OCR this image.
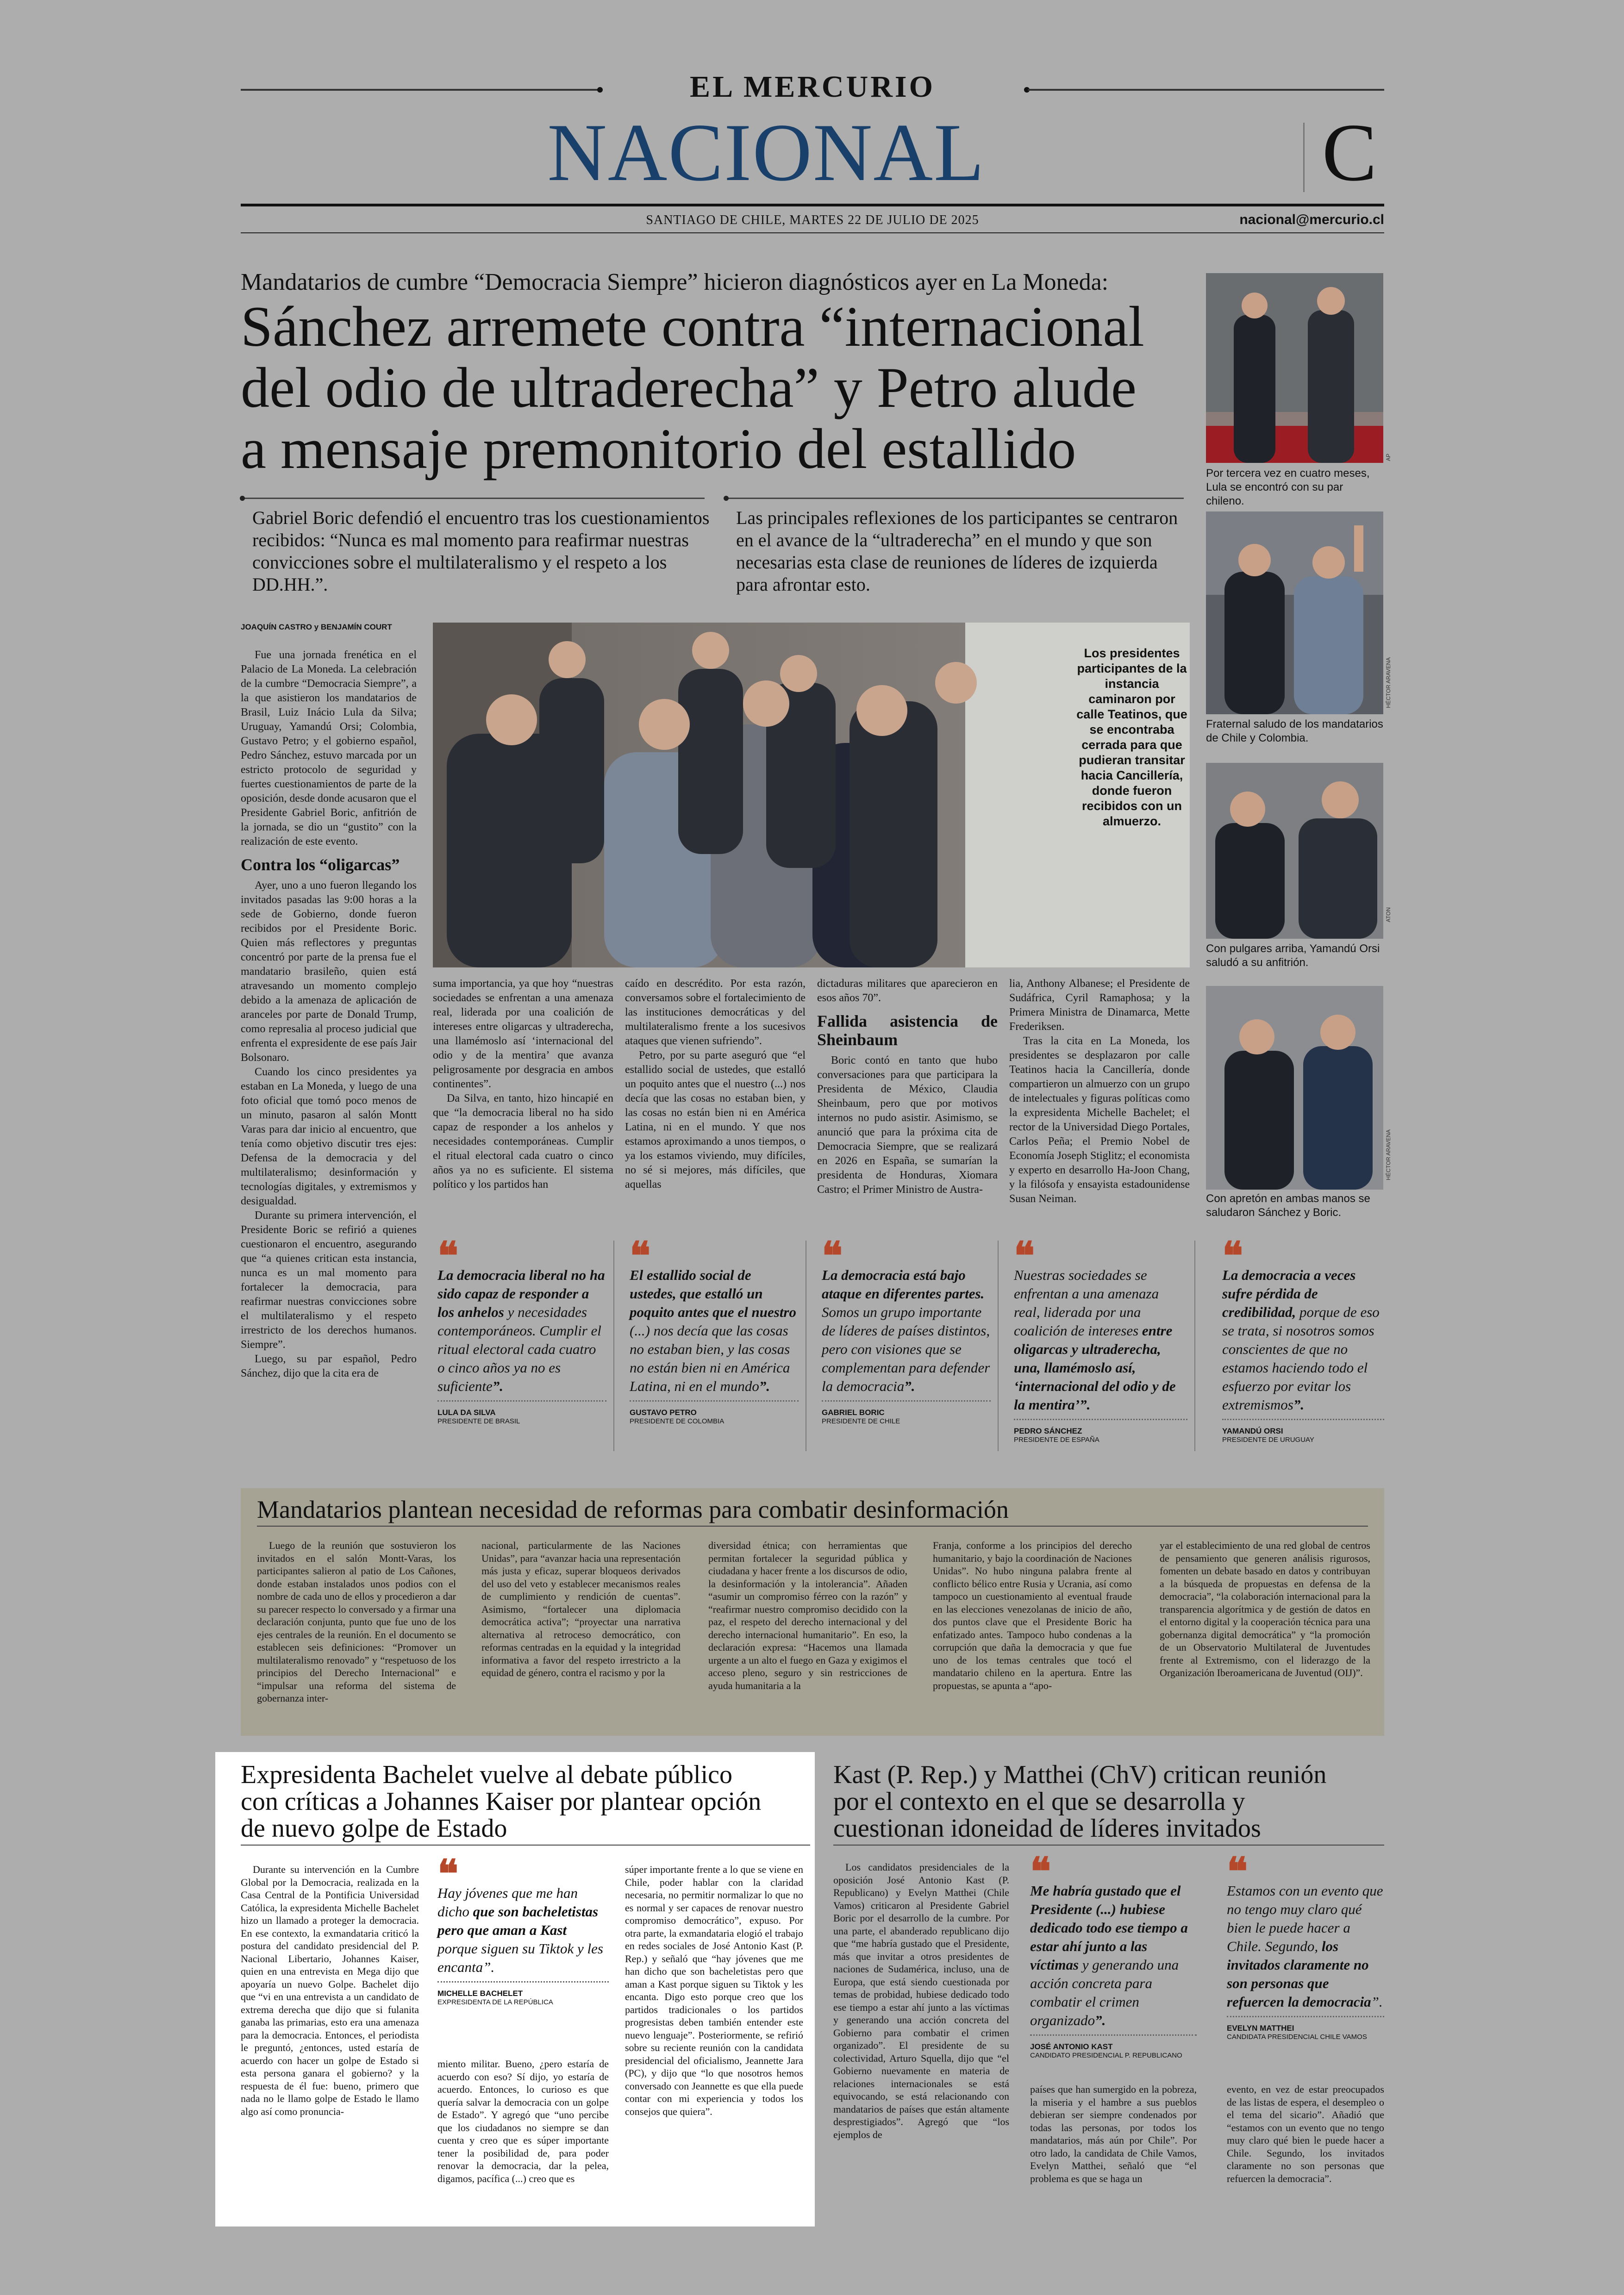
EL MERCURIO
NACIONAL	C
SANTIAGO DE CHILE, MARTES 22 DE JULIO DE 2025	nacional@mercurio.cl
Mandatarios de cumbre “Democracia Siempre” hicieron diagnósticos ayer en La Moneda:
Sánchez arremete contra “internacional
del odio de ultraderecha” y Petro alude
a mensaje premonitorio del estallido
Gabriel Boric defendió el encuentro tras los cuestionamientos recibidos: “Nunca es mal momento para reafirmar nuestras convicciones sobre el multilateralismo y el respeto a los DD.HH.”.
Las principales reflexiones de los participantes se centraron en el avance de la “ultraderecha” en el mundo y que son necesarias esta clase de reuniones de líderes de izquierda para afrontar esto.
JOAQUÍN CASTRO y BENJAMÍN COURT

Fue una jornada frenética en el Palacio de La Moneda. La celebración de la cumbre “Democracia Siempre”, a la que asistieron los mandatarios de Brasil, Luiz Inácio Lula da Silva; Uruguay, Yamandú Orsi; Colombia, Gustavo Petro; y el gobierno español, Pedro Sánchez, estuvo marcada por un estricto protocolo de seguridad y fuertes cuestionamientos de parte de la oposición, desde donde acusaron que el Presidente Gabriel Boric, anfitrión de la jornada, se dio un “gustito” con la realización de este evento.

Contra los “oligarcas”

Ayer, uno a uno fueron llegando los invitados pasadas las 9:00 horas a la sede de Gobierno, donde fueron recibidos por el Presidente Boric. Quien más reflectores y preguntas concentró por parte de la prensa fue el mandatario brasileño, quien está atravesando un momento complejo debido a la amenaza de aplicación de aranceles por parte de Donald Trump, como represalia al proceso judicial que enfrenta el expresidente de ese país Jair Bolsonaro.

Cuando los cinco presidentes ya estaban en La Moneda, y luego de una foto oficial que tomó poco menos de un minuto, pasaron al salón Montt Varas para dar inicio al encuentro, que tenía como objetivo discutir tres ejes: Defensa de la democracia y del multilateralismo; desinformación y tecnologías digitales, y extremismos y desigualdad.

Durante su primera intervención, el Presidente Boric se refirió a quienes cuestionaron el encuentro, asegurando que “a quienes critican esta instancia, nunca es un mal momento para fortalecer la democracia, para reafirmar nuestras convicciones sobre el multilateralismo y el respeto irrestricto de los derechos humanos. Siempre”.

Luego, su par español, Pedro Sánchez, dijo que la cita era de

Los presidentes participantes de la instancia caminaron por calle Teatinos, que se encontraba cerrada para que pudieran transitar hacia Cancillería, donde fueron recibidos con un almuerzo.

suma importancia, ya que hoy “nuestras sociedades se enfrentan a una amenaza real, liderada por una coalición de intereses entre oligarcas y ultraderecha, una llamémoslo así ‘internacional del odio y de la mentira’ que avanza peligrosamente por desgracia en ambos continentes”.

Da Silva, en tanto, hizo hincapié en que “la democracia liberal no ha sido capaz de responder a los anhelos y necesidades contemporáneas. Cumplir el ritual electoral cada cuatro o cinco años ya no es suficiente. El sistema político y los partidos han

caído en descrédito. Por esta razón, conversamos sobre el fortalecimiento de las instituciones democráticas y del multilateralismo frente a los sucesivos ataques que vienen sufriendo”.

Petro, por su parte aseguró que “el estallido social de ustedes, que estalló un poquito antes que el nuestro (...) nos decía que las cosas no estaban bien, y las cosas no están bien ni en América Latina, ni en el mundo. Y que nos estamos aproximando a unos tiempos, o ya los estamos viviendo, muy difíciles, no sé si mejores, más difíciles, que aquellas

dictaduras militares que aparecieron en esos años 70”.

Fallida asistencia de Sheinbaum

Boric contó en tanto que hubo conversaciones para que participara la Presidenta de México, Claudia Sheinbaum, pero que por motivos internos no pudo asistir. Asimismo, se anunció que para la próxima cita de Democracia Siempre, que se realizará en 2026 en España, se sumarían la presidenta de Honduras, Xiomara Castro; el Primer Ministro de Austra-

lia, Anthony Albanese; el Presidente de Sudáfrica, Cyril Ramaphosa; y la Primera Ministra de Dinamarca, Mette Frederiksen.

Tras la cita en La Moneda, los presidentes se desplazaron por calle Teatinos hacia la Cancillería, donde compartieron un almuerzo con un grupo de intelectuales y figuras políticas como la expresidenta Michelle Bachelet; el rector de la Universidad Diego Portales, Carlos Peña; el Premio Nobel de Economía Joseph Stiglitz; el economista y experto en desarrollo Ha-Joon Chang, y la filósofa y ensayista estadounidense Susan Neiman.

AP
Por tercera vez en cuatro meses, Lula se encontró con su par chileno.
HÉCTOR ARAVENA
Fraternal saludo de los mandatarios de Chile y Colombia.
ATON
Con pulgares arriba, Yamandú Orsi saludó a su anfitrión.
HÉCTOR ARAVENA
Con apretón en ambas manos se saludaron Sánchez y Boric.
❝
La democracia liberal no ha sido capaz de responder a los anhelos y necesidades contemporáneos. Cumplir el ritual electoral cada cuatro o cinco años ya no es suficiente”.
LULA DA SILVA
PRESIDENTE DE BRASIL
❝
El estallido social de ustedes, que estalló un poquito antes que el nuestro (...) nos decía que las cosas no estaban bien, y las cosas no están bien ni en América Latina, ni en el mundo”.
GUSTAVO PETRO
PRESIDENTE DE COLOMBIA
❝
La democracia está bajo ataque en diferentes partes. Somos un grupo importante de líderes de países distintos, pero con visiones que se complementan para defender la democracia”.
GABRIEL BORIC
PRESIDENTE DE CHILE
❝
Nuestras sociedades se enfrentan a una amenaza real, liderada por una coalición de intereses entre oligarcas y ultraderecha, una, llamémoslo así, ‘internacional del odio y de la mentira’”.
PEDRO SÁNCHEZ
PRESIDENTE DE ESPAÑA
❝
La democracia a veces sufre pérdida de credibilidad, porque de eso se trata, si nosotros somos conscientes de que no estamos haciendo todo el esfuerzo por evitar los extremismos”.
YAMANDÚ ORSI
PRESIDENTE DE URUGUAY
Mandatarios plantean necesidad de reformas para combatir desinformación

Luego de la reunión que sostuvieron los invitados en el salón Montt-Varas, los participantes salieron al patio de Los Cañones, donde estaban instalados unos podios con el nombre de cada uno de ellos y procedieron a dar su parecer respecto lo conversado y a firmar una declaración conjunta, punto que fue uno de los ejes centrales de la reunión. En el documento se establecen seis definiciones: “Promover un multilateralismo renovado” y “respetuoso de los principios del Derecho Internacional” e “impulsar una reforma del sistema de gobernanza inter-

nacional, particularmente de las Naciones Unidas”, para “avanzar hacia una representación más justa y eficaz, superar bloqueos derivados del uso del veto y establecer mecanismos reales de cumplimiento y rendición de cuentas”. Asimismo, “fortalecer una diplomacia democrática activa”; “proyectar una narrativa alternativa al retroceso democrático, con reformas centradas en la equidad y la integridad informativa a favor del respeto irrestricto a la equidad de género, contra el racismo y por la

diversidad étnica; con herramientas que permitan fortalecer la seguridad pública y ciudadana y hacer frente a los discursos de odio, la desinformación y la intolerancia”. Añaden “asumir un compromiso férreo con la razón” y “reafirmar nuestro compromiso decidido con la paz, el respeto del derecho internacional y del derecho internacional humanitario”. En eso, la declaración expresa: “Hacemos una llamada urgente a un alto el fuego en Gaza y exigimos el acceso pleno, seguro y sin restricciones de ayuda humanitaria a la

Franja, conforme a los principios del derecho humanitario, y bajo la coordinación de Naciones Unidas”. No hubo ninguna palabra frente al conflicto bélico entre Rusia y Ucrania, así como tampoco un cuestionamiento al eventual fraude en las elecciones venezolanas de inicio de año, dos puntos clave que el Presidente Boric ha enfatizado antes. Tampoco hubo condenas a la corrupción que daña la democracia y que fue uno de los temas centrales que tocó el mandatario chileno en la apertura. Entre las propuestas, se apunta a “apo-

yar el establecimiento de una red global de centros de pensamiento que generen análisis rigurosos, fomenten un debate basado en datos y contribuyan a la búsqueda de propuestas en defensa de la democracia”, “la colaboración internacional para la transparencia algorítmica y de gestión de datos en el entorno digital y la cooperación técnica para una gobernanza digital democrática” y “la promoción de un Observatorio Multilateral de Juventudes frente al Extremismo, con el liderazgo de la Organización Iberoamericana de Juventud (OIJ)”.

Expresidenta Bachelet vuelve al debate público
con críticas a Johannes Kaiser por plantear opción
de nuevo golpe de Estado

Durante su intervención en la Cumbre Global por la Democracia, realizada en la Casa Central de la Pontificia Universidad Católica, la expresidenta Michelle Bachelet hizo un llamado a proteger la democracia. En ese contexto, la exmandataria criticó la postura del candidato presidencial del P. Nacional Libertario, Johannes Kaiser, quien en una entrevista en Mega dijo que apoyaría un nuevo Golpe. Bachelet dijo que “vi en una entrevista a un candidato de extrema derecha que dijo que si fulanita ganaba las primarias, esto era una amenaza para la democracia. Entonces, el periodista le preguntó, ¿entonces, usted estaría de acuerdo con hacer un golpe de Estado si esta persona ganara el gobierno? y la respuesta de él fue: bueno, primero que nada no le llamo golpe de Estado le llamo algo así como pronuncia-

❝
Hay jóvenes que me han dicho que son bacheletistas pero que aman a Kast porque siguen su Tiktok y les encanta”.
MICHELLE BACHELET
EXPRESIDENTA DE LA REPÚBLICA

miento militar. Bueno, ¿pero estaría de acuerdo con eso? Sí dijo, yo estaría de acuerdo. Entonces, lo curioso es que quería salvar la democracia con un golpe de Estado”. Y agregó que “uno percibe que los ciudadanos no siempre se dan cuenta y creo que es súper importante tener la posibilidad de, para poder renovar la democracia, dar la pelea, digamos, pacífica (...) creo que es

súper importante frente a lo que se viene en Chile, poder hablar con la claridad necesaria, no permitir normalizar lo que no es normal y ser capaces de renovar nuestro compromiso democrático”, expuso. Por otra parte, la exmandataria elogió el trabajo en redes sociales de José Antonio Kast (P. Rep.) y señaló que “hay jóvenes que me han dicho que son bacheletistas pero que aman a Kast porque siguen su Tiktok y les encanta. Digo esto porque creo que los partidos tradicionales o los partidos progresistas deben también entender este nuevo lenguaje”. Posteriormente, se refirió sobre su reciente reunión con la candidata presidencial del oficialismo, Jeannette Jara (PC), y dijo que “lo que nosotros hemos conversado con Jeannette es que ella puede contar con mi experiencia y todos los consejos que quiera”.

Kast (P. Rep.) y Matthei (ChV) critican reunión
por el contexto en el que se desarrolla y
cuestionan idoneidad de líderes invitados

Los candidatos presidenciales de la oposición José Antonio Kast (P. Republicano) y Evelyn Matthei (Chile Vamos) criticaron al Presidente Gabriel Boric por el desarrollo de la cumbre. Por una parte, el abanderado republicano dijo que “me habría gustado que el Presidente, más que invitar a otros presidentes de naciones de Sudamérica, incluso, una de Europa, que está siendo cuestionada por temas de probidad, hubiese dedicado todo ese tiempo a estar ahí junto a las víctimas y generando una acción concreta del Gobierno para combatir el crimen organizado”. El presidente de su colectividad, Arturo Squella, dijo que “el Gobierno nuevamente en materia de relaciones internacionales se está equivocando, se está relacionando con mandatarios de países que están altamente desprestigiados”. Agregó que “los ejemplos de

❝
Me habría gustado que el Presidente (...) hubiese dedicado todo ese tiempo a estar ahí junto a las víctimas y generando una acción concreta para combatir el crimen organizado”.
JOSÉ ANTONIO KAST
CANDIDATO PRESIDENCIAL P. REPUBLICANO

países que han sumergido en la pobreza, la miseria y el hambre a sus pueblos debieran ser siempre condenados por todas las personas, por todos los mandatarios, más aún por Chile”. Por otro lado, la candidata de Chile Vamos, Evelyn Matthei, señaló que “el problema es que se haga un

❝
Estamos con un evento que no tengo muy claro qué bien le puede hacer a Chile. Segundo, los invitados claramente no son personas que refuercen la democracia”.
EVELYN MATTHEI
CANDIDATA PRESIDENCIAL CHILE VAMOS

evento, en vez de estar preocupados de las listas de espera, el desempleo o el tema del sicario”. Añadió que “estamos con un evento que no tengo muy claro qué bien le puede hacer a Chile. Segundo, los invitados claramente no son personas que refuercen la democracia”.
